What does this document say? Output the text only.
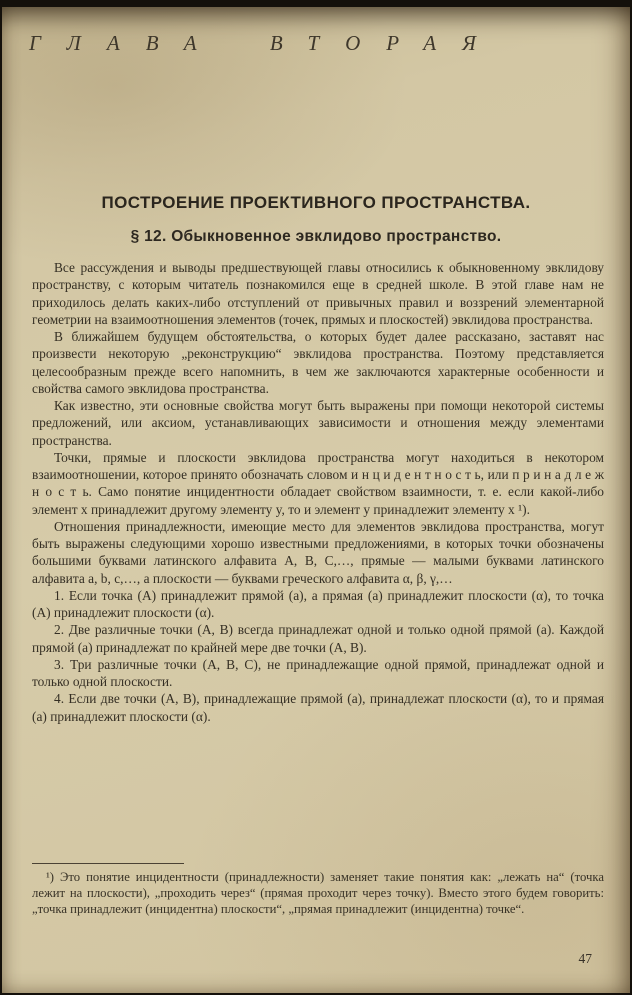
ГЛАВА ВТОРАЯ
ПОСТРОЕНИЕ ПРОЕКТИВНОГО ПРОСТРАНСТВА.
§ 12. Обыкновенное эвклидово пространство.

Все рассуждения и выводы предшествующей главы относились к обыкновенному эвклидову пространству, с которым читатель познакомился еще в средней школе. В этой главе нам не приходилось делать каких-либо отступлений от привычных правил и воззрений элементарной геометрии на взаимоотношения элементов (точек, прямых и плоскостей) эвклидова пространства.

В ближайшем будущем обстоятельства, о которых будет далее рассказано, заставят нас произвести некоторую „реконструкцию“ эвклидова пространства. Поэтому представляется целесообразным прежде всего напомнить, в чем же заключаются характерные особенности и свойства самого эвклидова пространства.

Как известно, эти основные свойства могут быть выражены при помощи некоторой системы предложений, или аксиом, устанавливающих зависимости и отношения между элементами пространства.

Точки, прямые и плоскости эвклидова пространства могут находиться в некотором взаимоотношении, которое принято обозначать словом и н ц и д е н т н о с т ь, или п р и н а д л е ж н о с т ь. Само понятие инцидентности обладает свойством взаимности, т. е. если какой-либо элемент x принадлежит другому элементу y, то и элемент y принадлежит элементу x ¹).

Отношения принадлежности, имеющие место для элементов эвклидова пространства, могут быть выражены следующими хорошо известными предложениями, в которых точки обозначены большими буквами латинского алфавита A, B, C,…, прямые — малыми буквами латинского алфавита a, b, c,…, а плоскости — буквами греческого алфавита α, β, γ,…

1. Если точка (A) принадлежит прямой (a), а прямая (a) принадлежит плоскости (α), то точка (A) принадлежит плоскости (α).

2. Две различные точки (A, B) всегда принадлежат одной и только одной прямой (a). Каждой прямой (a) принадлежат по крайней мере две точки (A, B).

3. Три различные точки (A, B, C), не принадлежащие одной прямой, принадлежат одной и только одной плоскости.

4. Если две точки (A, B), принадлежащие прямой (a), принадлежат плоскости (α), то и прямая (a) принадлежит плоскости (α).

¹) Это понятие инцидентности (принадлежности) заменяет такие понятия как: „лежать на“ (точка лежит на плоскости), „проходить через“ (прямая проходит через точку). Вместо этого будем говорить: „точка принадлежит (инцидентна) плоскости“, „прямая принадлежит (инцидентна) точке“.
47
